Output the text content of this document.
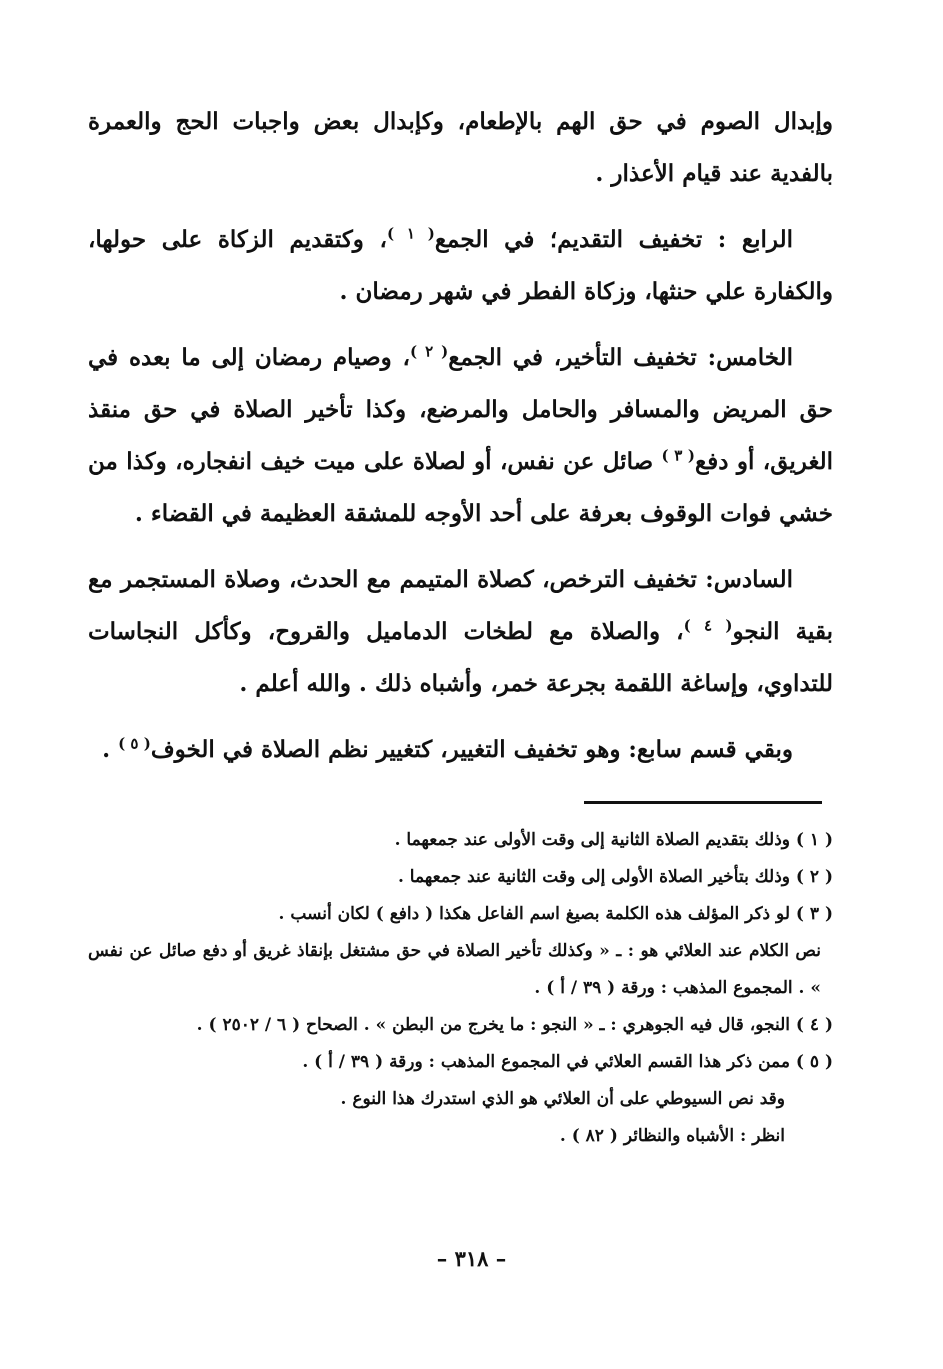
وإبدال الصوم في حق الهم بالإطعام، وكإبدال بعض واجبات الحج والعمرة بالفدية عند قيام الأعذار .

الرابع : تخفيف التقديم؛ في الجمع$^{( ١ )}$، وكتقديم الزكاة على حولها، والكفارة علي حنثها، وزكاة الفطر في شهر رمضان .

الخامس: تخفيف التأخير، في الجمع$^{( ٢ )}$، وصيام رمضان إلى ما بعده في حق المريض والمسافر والحامل والمرضع، وكذا تأخير الصلاة في حق منقذ الغريق، أو دفع$^{( ٣ )}$ صائل عن نفس، أو لصلاة على ميت خيف انفجاره، وكذا من خشي فوات الوقوف بعرفة على أحد الأوجه للمشقة العظيمة في القضاء .

السادس: تخفيف الترخص، كصلاة المتيمم مع الحدث، وصلاة المستجمر مع بقية النجو$^{( ٤ )}$، والصلاة مع لطخات الدماميل والقروح، وكأكل النجاسات للتداوي، وإساغة اللقمة بجرعة خمر، وأشباه ذلك . والله أعلم .

وبقي قسم سابع: وهو تخفيف التغيير، كتغيير نظم الصلاة في الخوف$^{( ٥ )}$ .

( ١ ) وذلك بتقديم الصلاة الثانية إلى وقت الأولى عند جمعهما .

( ٢ ) وذلك بتأخير الصلاة الأولى إلى وقت الثانية عند جمعهما .

( ٣ ) لو ذكر المؤلف هذه الكلمة بصيغ اسم الفاعل هكذا ( دافع ) لكان أنسب .

نص الكلام عند العلائي هو : ـ « وكذلك تأخير الصلاة في حق مشتغل بإنقاذ غريق أو دفع صائل عن نفس » . المجموع المذهب : ورقة ( ٣٩ / أ ) .

( ٤ ) النجو، قال فيه الجوهري : ـ « النجو : ما يخرج من البطن » . الصحاح ( ٦ / ٢٥٠٢ ) .

( ٥ ) ممن ذكر هذا القسم العلائي في المجموع المذهب : ورقة ( ٣٩ / أ ) .

وقد نص السيوطي على أن العلائي هو الذي استدرك هذا النوع .

انظر : الأشباه والنظائر ( ٨٢ ) .

– ٣١٨ –
